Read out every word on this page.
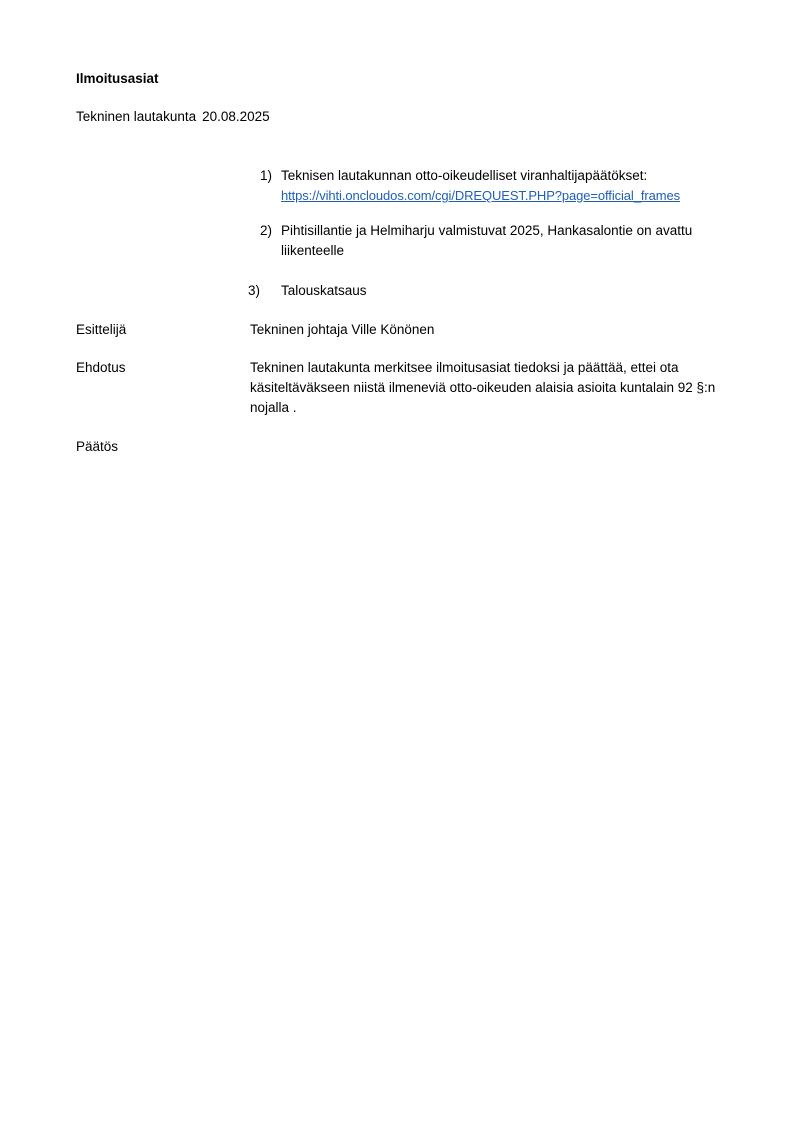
Ilmoitusasiat
Tekninen lautakunta 20.08.2025
1) Teknisen lautakunnan otto-oikeudelliset viranhaltijapäätökset:
https://vihti.oncloudos.com/cgi/DREQUEST.PHP?page=official_frames
2) Pihtisillantie ja Helmiharju valmistuvat 2025, Hankasalontie on avattu liikenteelle
3)	Talouskatsaus
Esittelijä	Tekninen johtaja Ville Könönen
Ehdotus	Tekninen lautakunta merkitsee ilmoitusasiat tiedoksi ja päättää, ettei ota käsiteltäväkseen niistä ilmeneviä otto-oikeuden alaisia asioita kuntalain 92 §:n nojalla .
Päätös
